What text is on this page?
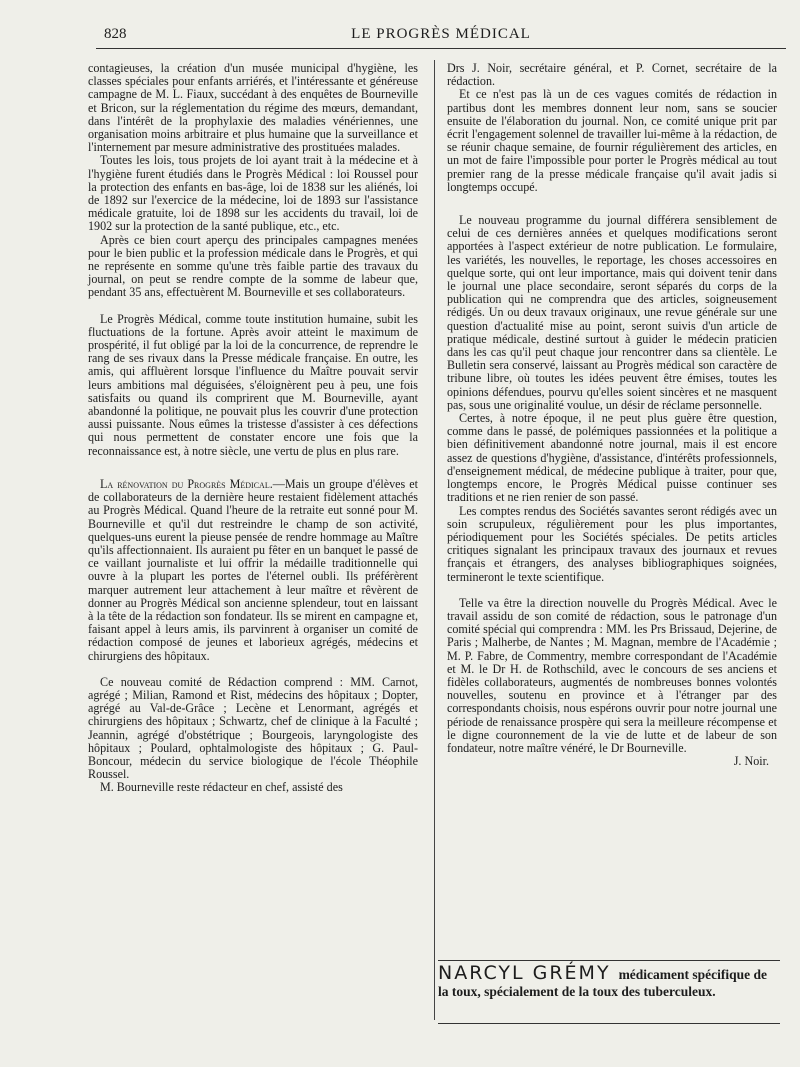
828	LE PROGRÈS MÉDICAL

contagieuses, la création d'un musée municipal d'hygiène, les classes spéciales pour enfants arriérés, et l'intéressante et généreuse campagne de M. L. Fiaux, succédant à des enquêtes de Bourneville et Bricon, sur la réglementation du régime des mœurs, demandant, dans l'intérêt de la prophylaxie des maladies vénériennes, une organisation moins arbitraire et plus humaine que la surveillance et l'internement par mesure administrative des prostituées malades.

Toutes les lois, tous projets de loi ayant trait à la médecine et à l'hygiène furent étudiés dans le Progrès Médical : loi Roussel pour la protection des enfants en bas-âge, loi de 1838 sur les aliénés, loi de 1892 sur l'exercice de la médecine, loi de 1893 sur l'assistance médicale gratuite, loi de 1898 sur les accidents du travail, loi de 1902 sur la protection de la santé publique, etc., etc.

Après ce bien court aperçu des principales campagnes menées pour le bien public et la profession médicale dans le Progrès, et qui ne représente en somme qu'une très faible partie des travaux du journal, on peut se rendre compte de la somme de labeur que, pendant 35 ans, effectuèrent M. Bourneville et ses collaborateurs.

Le Progrès Médical, comme toute institution humaine, subit les fluctuations de la fortune. Après avoir atteint le maximum de prospérité, il fut obligé par la loi de la concurrence, de reprendre le rang de ses rivaux dans la Presse médicale française. En outre, les amis, qui affluèrent lorsque l'influence du Maître pouvait servir leurs ambitions mal déguisées, s'éloignèrent peu à peu, une fois satisfaits ou quand ils comprirent que M. Bourneville, ayant abandonné la politique, ne pouvait plus les couvrir d'une protection aussi puissante. Nous eûmes la tristesse d'assister à ces défections qui nous permettent de constater encore une fois que la reconnaissance est, à notre siècle, une vertu de plus en plus rare.

La rénovation du Progrès Médical.—Mais un groupe d'élèves et de collaborateurs de la dernière heure restaient fidèlement attachés au Progrès Médical. Quand l'heure de la retraite eut sonné pour M. Bourneville et qu'il dut restreindre le champ de son activité, quelques-uns eurent la pieuse pensée de rendre hommage au Maître qu'ils affectionnaient. Ils auraient pu fêter en un banquet le passé de ce vaillant journaliste et lui offrir la médaille traditionnelle qui ouvre à la plupart les portes de l'éternel oubli. Ils préférèrent marquer autrement leur attachement à leur maître et rêvèrent de donner au Progrès Médical son ancienne splendeur, tout en laissant à la tête de la rédaction son fondateur. Ils se mirent en campagne et, faisant appel à leurs amis, ils parvinrent à organiser un comité de rédaction composé de jeunes et laborieux agrégés, médecins et chirurgiens des hôpitaux.

Ce nouveau comité de Rédaction comprend : MM. Carnot, agrégé ; Milian, Ramond et Rist, médecins des hôpitaux ; Dopter, agrégé au Val-de-Grâce ; Lecène et Lenormant, agrégés et chirurgiens des hôpitaux ; Schwartz, chef de clinique à la Faculté ; Jeannin, agrégé d'obstétrique ; Bourgeois, laryngologiste des hôpitaux ; Poulard, ophtalmologiste des hôpitaux ; G. Paul-Boncour, médecin du service biologique de l'école Théophile Roussel.

M. Bourneville reste rédacteur en chef, assisté des

Drs J. Noir, secrétaire général, et P. Cornet, secrétaire de la rédaction.

Et ce n'est pas là un de ces vagues comités de rédaction in partibus dont les membres donnent leur nom, sans se soucier ensuite de l'élaboration du journal. Non, ce comité unique prit par écrit l'engagement solennel de travailler lui-même à la rédaction, de se réunir chaque semaine, de fournir régulièrement des articles, en un mot de faire l'impossible pour porter le Progrès médical au tout premier rang de la presse médicale française qu'il avait jadis si longtemps occupé.

Le nouveau programme du journal différera sensiblement de celui de ces dernières années et quelques modifications seront apportées à l'aspect extérieur de notre publication. Le formulaire, les variétés, les nouvelles, le reportage, les choses accessoires en quelque sorte, qui ont leur importance, mais qui doivent tenir dans le journal une place secondaire, seront séparés du corps de la publication qui ne comprendra que des articles, soigneusement rédigés. Un ou deux travaux originaux, une revue générale sur une question d'actualité mise au point, seront suivis d'un article de pratique médicale, destiné surtout à guider le médecin praticien dans les cas qu'il peut chaque jour rencontrer dans sa clientèle. Le Bulletin sera conservé, laissant au Progrès médical son caractère de tribune libre, où toutes les idées peuvent être émises, toutes les opinions défendues, pourvu qu'elles soient sincères et ne masquent pas, sous une originalité voulue, un désir de réclame personnelle.

Certes, à notre époque, il ne peut plus guère être question, comme dans le passé, de polémiques passionnées et la politique a bien définitivement abandonné notre journal, mais il est encore assez de questions d'hygiène, d'assistance, d'intérêts professionnels, d'enseignement médical, de médecine publique à traiter, pour que, longtemps encore, le Progrès Médical puisse continuer ses traditions et ne rien renier de son passé.

Les comptes rendus des Sociétés savantes seront rédigés avec un soin scrupuleux, régulièrement pour les plus importantes, périodiquement pour les Sociétés spéciales. De petits articles critiques signalant les principaux travaux des journaux et revues français et étrangers, des analyses bibliographiques soignées, termineront le texte scientifique.

Telle va être la direction nouvelle du Progrès Médical. Avec le travail assidu de son comité de rédaction, sous le patronage d'un comité spécial qui comprendra : MM. les Prs Brissaud, Dejerine, de Paris ; Malherbe, de Nantes ; M. Magnan, membre de l'Académie ; M. P. Fabre, de Commentry, membre correspondant de l'Académie et M. le Dr H. de Rothschild, avec le concours de ses anciens et fidèles collaborateurs, augmentés de nombreuses bonnes volontés nouvelles, soutenu en province et à l'étranger par des correspondants choisis, nous espérons ouvrir pour notre journal une période de renaissance prospère qui sera la meilleure récompense et le digne couronnement de la vie de lutte et de labeur de son fondateur, notre maître vénéré, le Dr Bourneville.

J. Noir.
NARCYL GRÉMY médicament spécifique de la toux, spécialement de la toux des tuberculeux.
